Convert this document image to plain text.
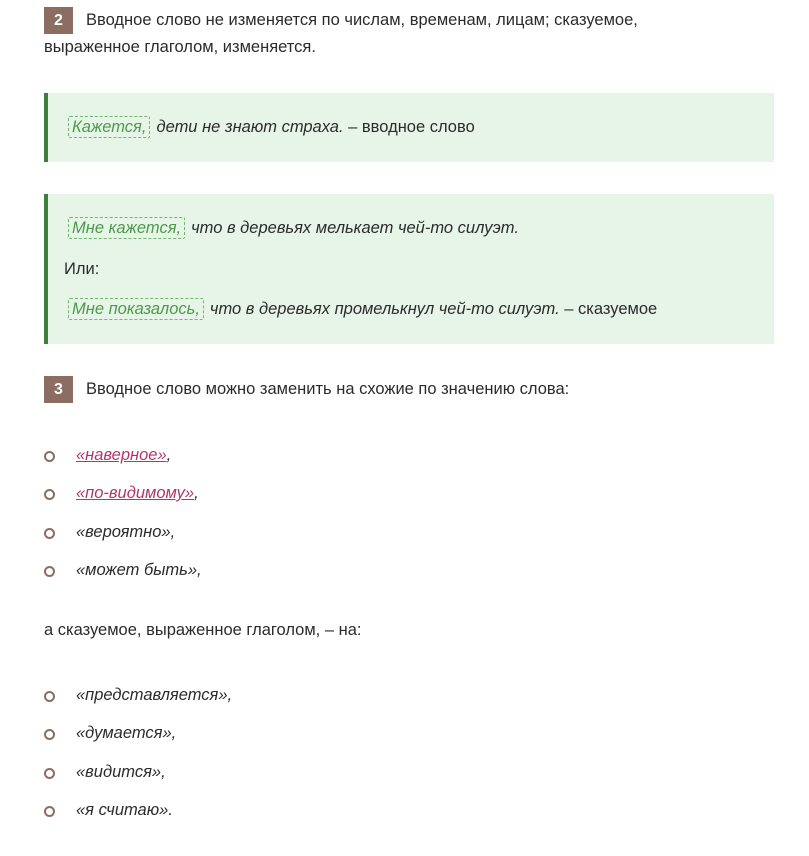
2	Вводное слово не изменяется по числам, временам, лицам; сказуемое,
выраженное глаголом, изменяется.
Кажется, дети не знают страха. – вводное слово
Мне кажется, что в деревьях мелькает чей-то силуэт.
Или:
Мне показалось, что в деревьях промелькнул чей-то силуэт. – сказуемое
3	Вводное слово можно заменить на схожие по значению слова:
«наверное»,
«по-видимому»,
«вероятно»,
«может быть»,
а сказуемое, выраженное глаголом, – на:
«представляется»,
«думается»,
«видится»,
«я считаю».
